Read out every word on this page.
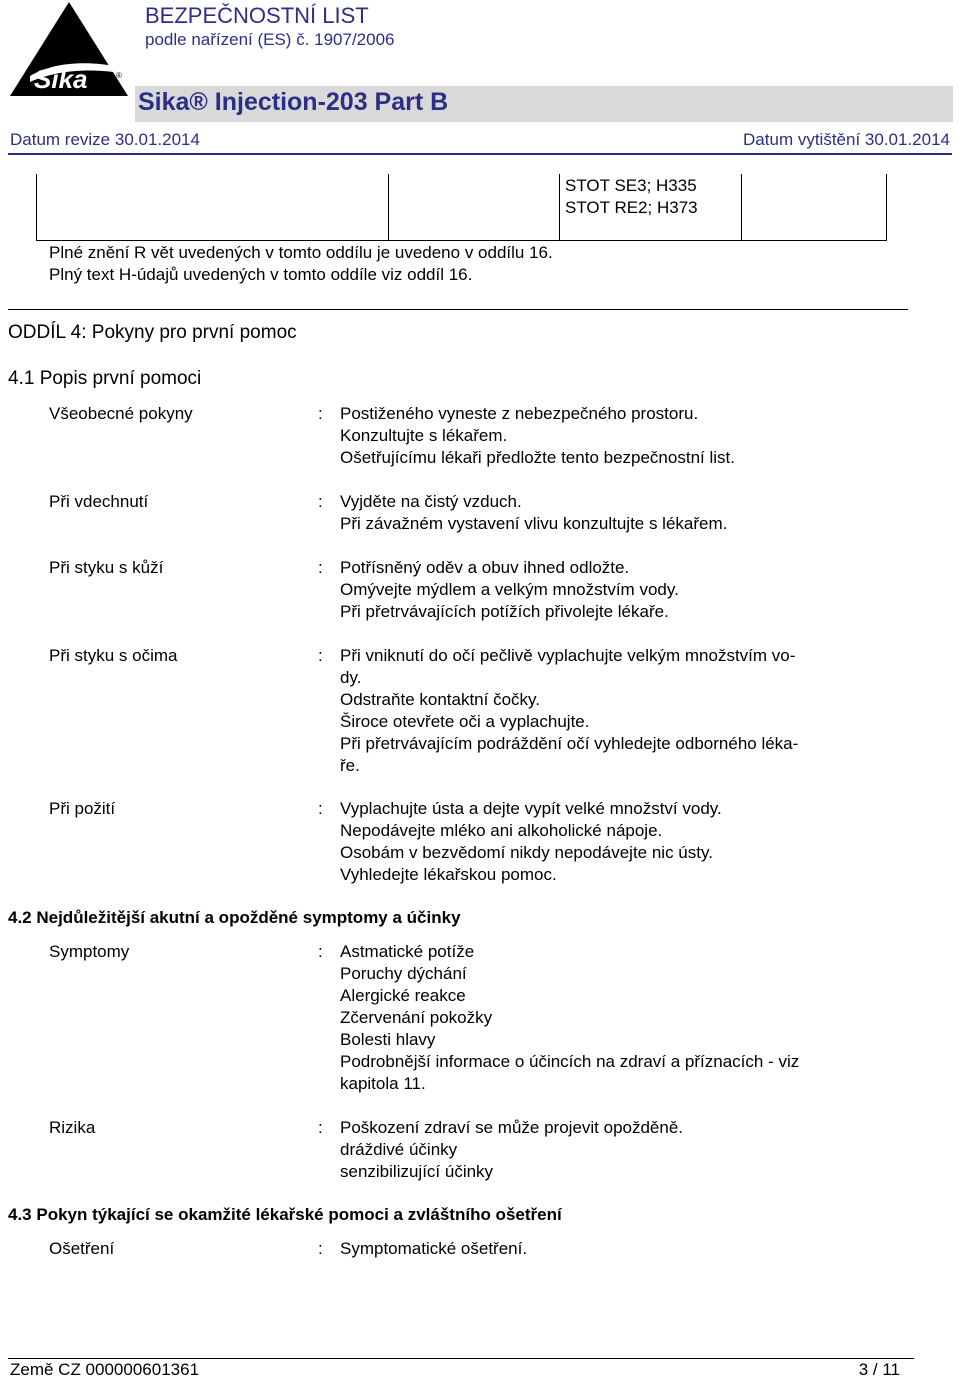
Sika	®
BEZPEČNOSTNÍ LIST
podle nařízení (ES) č. 1907/2006
Sika® Injection-203 Part B
Datum revize 30.01.2014	Datum vytištění 30.01.2014
STOT SE3; H335
STOT RE2; H373
Plné znění R vět uvedených v tomto oddílu je uvedeno v oddílu 16.
Plný text H-údajů uvedených v tomto oddíle viz oddíl 16.
ODDÍL 4: Pokyny pro první pomoc
4.1 Popis první pomoci
Všeobecné pokyny	: Postiženého vyneste z nebezpečného prostoru.
Konzultujte s lékařem.
Ošetřujícímu lékaři předložte tento bezpečnostní list.
Při vdechnutí	: Vyjděte na čistý vzduch.
Při závažném vystavení vlivu konzultujte s lékařem.
Při styku s kůží	: Potřísněný oděv a obuv ihned odložte.
Omývejte mýdlem a velkým množstvím vody.
Při přetrvávajících potížích přivolejte lékaře.
Při styku s očima	: Při vniknutí do očí pečlivě vyplachujte velkým množstvím vo-
dy.
Odstraňte kontaktní čočky.
Široce otevřete oči a vyplachujte.
Při přetrvávajícím podráždění očí vyhledejte odborného léka-
ře.
Při požití	: Vyplachujte ústa a dejte vypít velké množství vody.
Nepodávejte mléko ani alkoholické nápoje.
Osobám v bezvědomí nikdy nepodávejte nic ústy.
Vyhledejte lékařskou pomoc.
4.2 Nejdůležitější akutní a opožděné symptomy a účinky
Symptomy	: Astmatické potíže
Poruchy dýchání
Alergické reakce
Zčervenání pokožky
Bolesti hlavy
Podrobnější informace o účincích na zdraví a příznacích - viz
kapitola 11.
Rizika	: Poškození zdraví se může projevit opožděně.
dráždivé účinky
senzibilizující účinky
4.3 Pokyn týkající se okamžité lékařské pomoci a zvláštního ošetření
Ošetření	: Symptomatické ošetření.
Země CZ 000000601361	3 / 11
